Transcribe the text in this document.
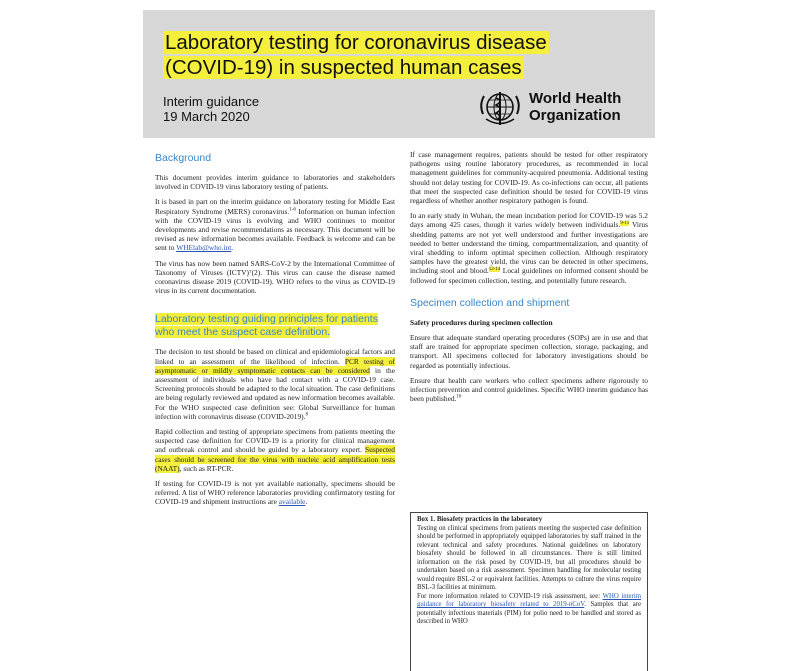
Laboratory testing for coronavirus disease
(COVID-19) in suspected human cases
Interim guidance
19 March 2020
World Health
Organization
Background

This document provides interim guidance to laboratories and stakeholders involved in COVID-19 virus laboratory testing of patients.

It is based in part on the interim guidance on laboratory testing for Middle East Respiratory Syndrome (MERS) coronavirus.$^{1-6}$ Information on human infection with the COVID-19 virus is evolving and WHO continues to monitor developments and revise recommendations as necessary. This document will be revised as new information becomes available. Feedback is welcome and can be sent to WHElab@who.int.

The virus has now been named SARS-CoV-2 by the International Committee of Taxonomy of Viruses (ICTV)⁷(2). This virus can cause the disease named coronavirus disease 2019 (COVID-19). WHO refers to the virus as COVID-19 virus in its current documentation.

Laboratory testing guiding principles for patients
who meet the suspect case definition.

The decision to test should be based on clinical and epidemiological factors and linked to an assessment of the likelihood of infection. PCR testing of asymptomatic or mildly symptomatic contacts can be considered in the assessment of individuals who have had contact with a COVID-19 case. Screening protocols should be adapted to the local situation. The case definitions are being regularly reviewed and updated as new information becomes available. For the WHO suspected case definition see: Global Surveillance for human infection with coronavirus disease (COVID-2019).$^8$

Rapid collection and testing of appropriate specimens from patients meeting the suspected case definition for COVID-19 is a priority for clinical management and outbreak control and should be guided by a laboratory expert. Suspected cases should be screened for the virus with nucleic acid amplification tests (NAAT), such as RT-PCR.

If testing for COVID-19 is not yet available nationally, specimens should be referred. A list of WHO reference laboratories providing confirmatory testing for COVID-19 and shipment instructions are available.

If case management requires, patients should be tested for other respiratory pathogens using routine laboratory procedures, as recommended in local management guidelines for community-acquired pneumonia. Additional testing should not delay testing for COVID-19. As co-infections can occur, all patients that meet the suspected case definition should be tested for COVID-19 virus regardless of whether another respiratory pathogen is found.

In an early study in Wuhan, the mean incubation period for COVID-19 was 5.2 days among 425 cases, though it varies widely between individuals.$^{9-11}$ Virus shedding patterns are not yet well understood and further investigations are needed to better understand the timing, compartmentalization, and quantity of viral shedding to inform optimal specimen collection. Although respiratory samples have the greatest yield, the virus can be detected in other specimens, including stool and blood.$^{12-14}$ Local guidelines on informed consent should be followed for specimen collection, testing, and potentially future research.

Specimen collection and shipment

Safety procedures during specimen collection

Ensure that adequate standard operating procedures (SOPs) are in use and that staff are trained for appropriate specimen collection, storage, packaging, and transport. All specimens collected for laboratory investigations should be regarded as potentially infectious.

Ensure that health care workers who collect specimens adhere rigorously to infection prevention and control guidelines. Specific WHO interim guidance has been published.$^{16}$

Box 1. Biosafety practices in the laboratory
Testing on clinical specimens from patients meeting the suspected case definition should be performed in appropriately equipped laboratories by staff trained in the relevant technical and safety procedures. National guidelines on laboratory biosafety should be followed in all circumstances. There is still limited information on the risk posed by COVID-19, but all procedures should be undertaken based on a risk assessment. Specimen handling for molecular testing would require BSL-2 or equivalent facilities. Attempts to culture the virus require BSL-3 facilities at minimum.
For more information related to COVID-19 risk assessment, see: WHO interim guidance for laboratory biosafety related to 2019-nCoV. Samples that are potentially infectious materials (PIM) for polio need to be handled and stored as described in WHO
